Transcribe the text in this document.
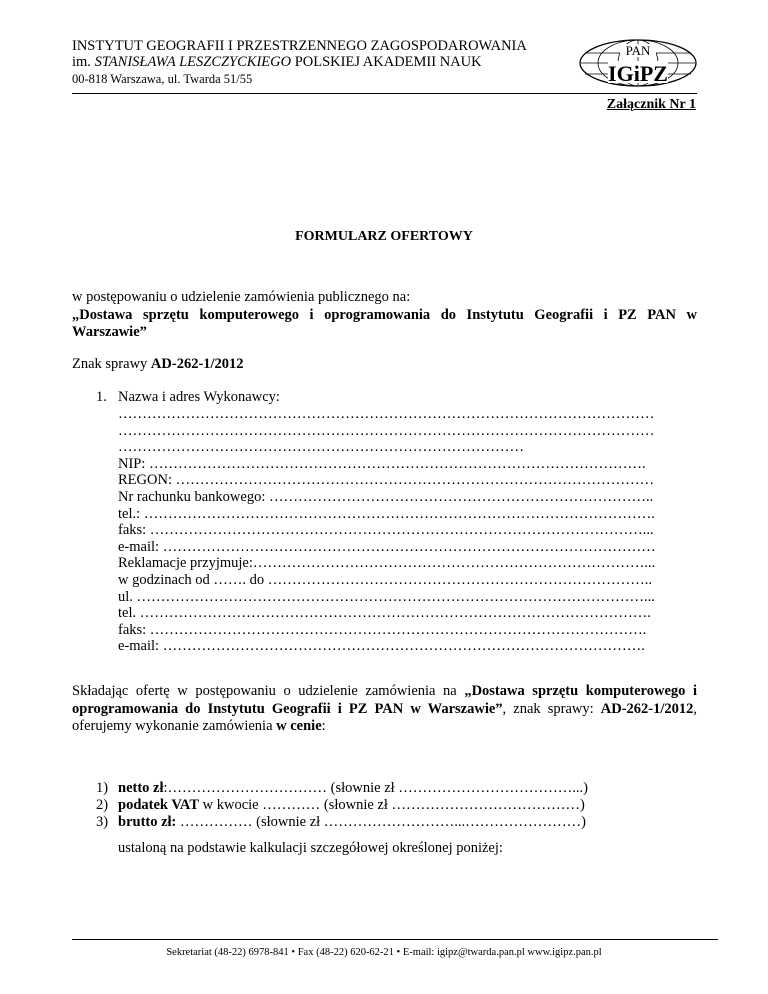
INSTYTUT GEOGRAFII I PRZESTRZENNEGO ZAGOSPODAROWANIA
im. STANISŁAWA LESZCZYCKIEGO POLSKIEJ AKADEMII NAUK
00-818 Warszawa, ul. Twarda 51/55
PAN
IGiPZ
Załącznik Nr 1
FORMULARZ OFERTOWY
w postępowaniu o udzielenie zamówienia publicznego na:
„Dostawa sprzętu komputerowego i oprogramowania do Instytutu Geografii i PZ PAN w Warszawie”
Znak sprawy AD-262-1/2012
1. Nazwa i adres Wykonawcy:
…………………………………………………………………………………………………
…………………………………………………………………………………………………
…………………………………………………………………………
NIP: ………………………………………………………………………………………….
REGON: ………………………………………………………………………………………
Nr rachunku bankowego: ……………………………………………………………………..
tel.: …………………………………………………………………………………………….
faks: …………………………………………………………………………………………...
e-mail: …………………………………………………………………………………………
Reklamacje przyjmuje:………………………………………………………………………...
w godzinach od ……. do ……………………………………………………………………..
ul. ……………………………………………………………………………………………...
tel. …………………………………………………………………………………………….
faks: ………………………………………………………………………………………….
e-mail: ……………………………………………………………………………………….
Składając ofertę w postępowaniu o udzielenie zamówienia na „Dostawa sprzętu komputerowego i oprogramowania do Instytutu Geografii i PZ PAN w Warszawie”, znak sprawy: AD-262-1/2012, oferujemy wykonanie zamówienia w cenie:
1) netto zł:…………………………… (słownie zł ………………………………...)
2) podatek VAT w kwocie ………… (słownie zł …………………………………)
3) brutto zł: …………… (słownie zł ………………………...……………………)
ustaloną na podstawie kalkulacji szczegółowej określonej poniżej:
Sekretariat (48-22) 6978-841 • Fax (48-22) 620-62-21 • E-mail: igipz@twarda.pan.pl www.igipz.pan.pl
